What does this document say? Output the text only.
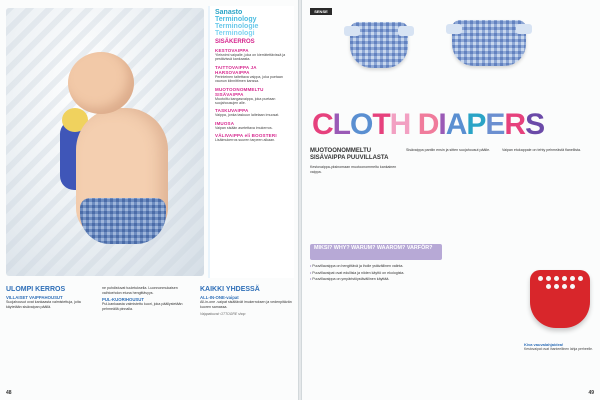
Sanasto
Terminology
Terminologie
Terminologi
SISÄKERROS
KESTOVAIPPA
Yleisnimi vaipalle, joka on kierrätettävissä ja pestävissä kankaasta.
TAITTOVAIPPA JA HARSOVAIPPA
Perinteinen taitettava vaippa, joka puetaan vaunun kiinnittimen kanssa.
MUOTOONOMMELTU SISÄVAIPPA
Muotoiltu kangasvaippa, joka puetaan suojahousujen alle.
TASKUVAIPPA
Vaippa, jonka taskuun laitetaan imuosat.
IMUOSA
Vaipan sisään asetettava imukerros.
VÄLIVAIPPA eli BOOSTERI
Lisäimukerros suuren tarpeen aikaan.
ULOMPI KERROS
VILLAISET VAIPPAHOUSUT
Suojahousut ovat kankaasta valmistettuja, joita käytetään sisävaipan päällä.
ne puhdistuvat tuuletuksella. Luonnonmukaisen vaihtoehdon etuna hengittävyys.
PUL-KUORIHOUSUT
Pul-kankaasta valmistettu kuori, joka päällystetään pehmeällä pinnalla.
KAIKKI YHDESSÄ
ALL-IN-ONE-vaipat
All-in-one -vaipat sisältävät imukerroksen ja vedenpitävän kuoren samassa.
Vaippakuvat: OTTOGRE shop
48
SENSE
CLOTH DIAPERS
MUOTOONOMMELTU SISÄVAIPPA PUUVILLASTA
Kestovaippa-yksinomaan muotoonommeltu kankainen vaippa.
Sisävaippa pantiin ensin ja sitten suojahousut päälle.	Vaipan etukappale on tehty pehmeästä flanellista.
MIKSI? WHY? WARUM? WAAROM? VARFÖR?

• Puuvillavaippa on hengittävä ja iholle ystävällinen valinta.

• Puuvillavaipat ovat edullisia ja niiden käyttö on ekologista.

• Puuvillavaippa on ympäristöystävällinen käyttää.

Kiva vauvalahjaidea!
Kestovaipat ovat ihanteellinen lahja perheelle.
49
